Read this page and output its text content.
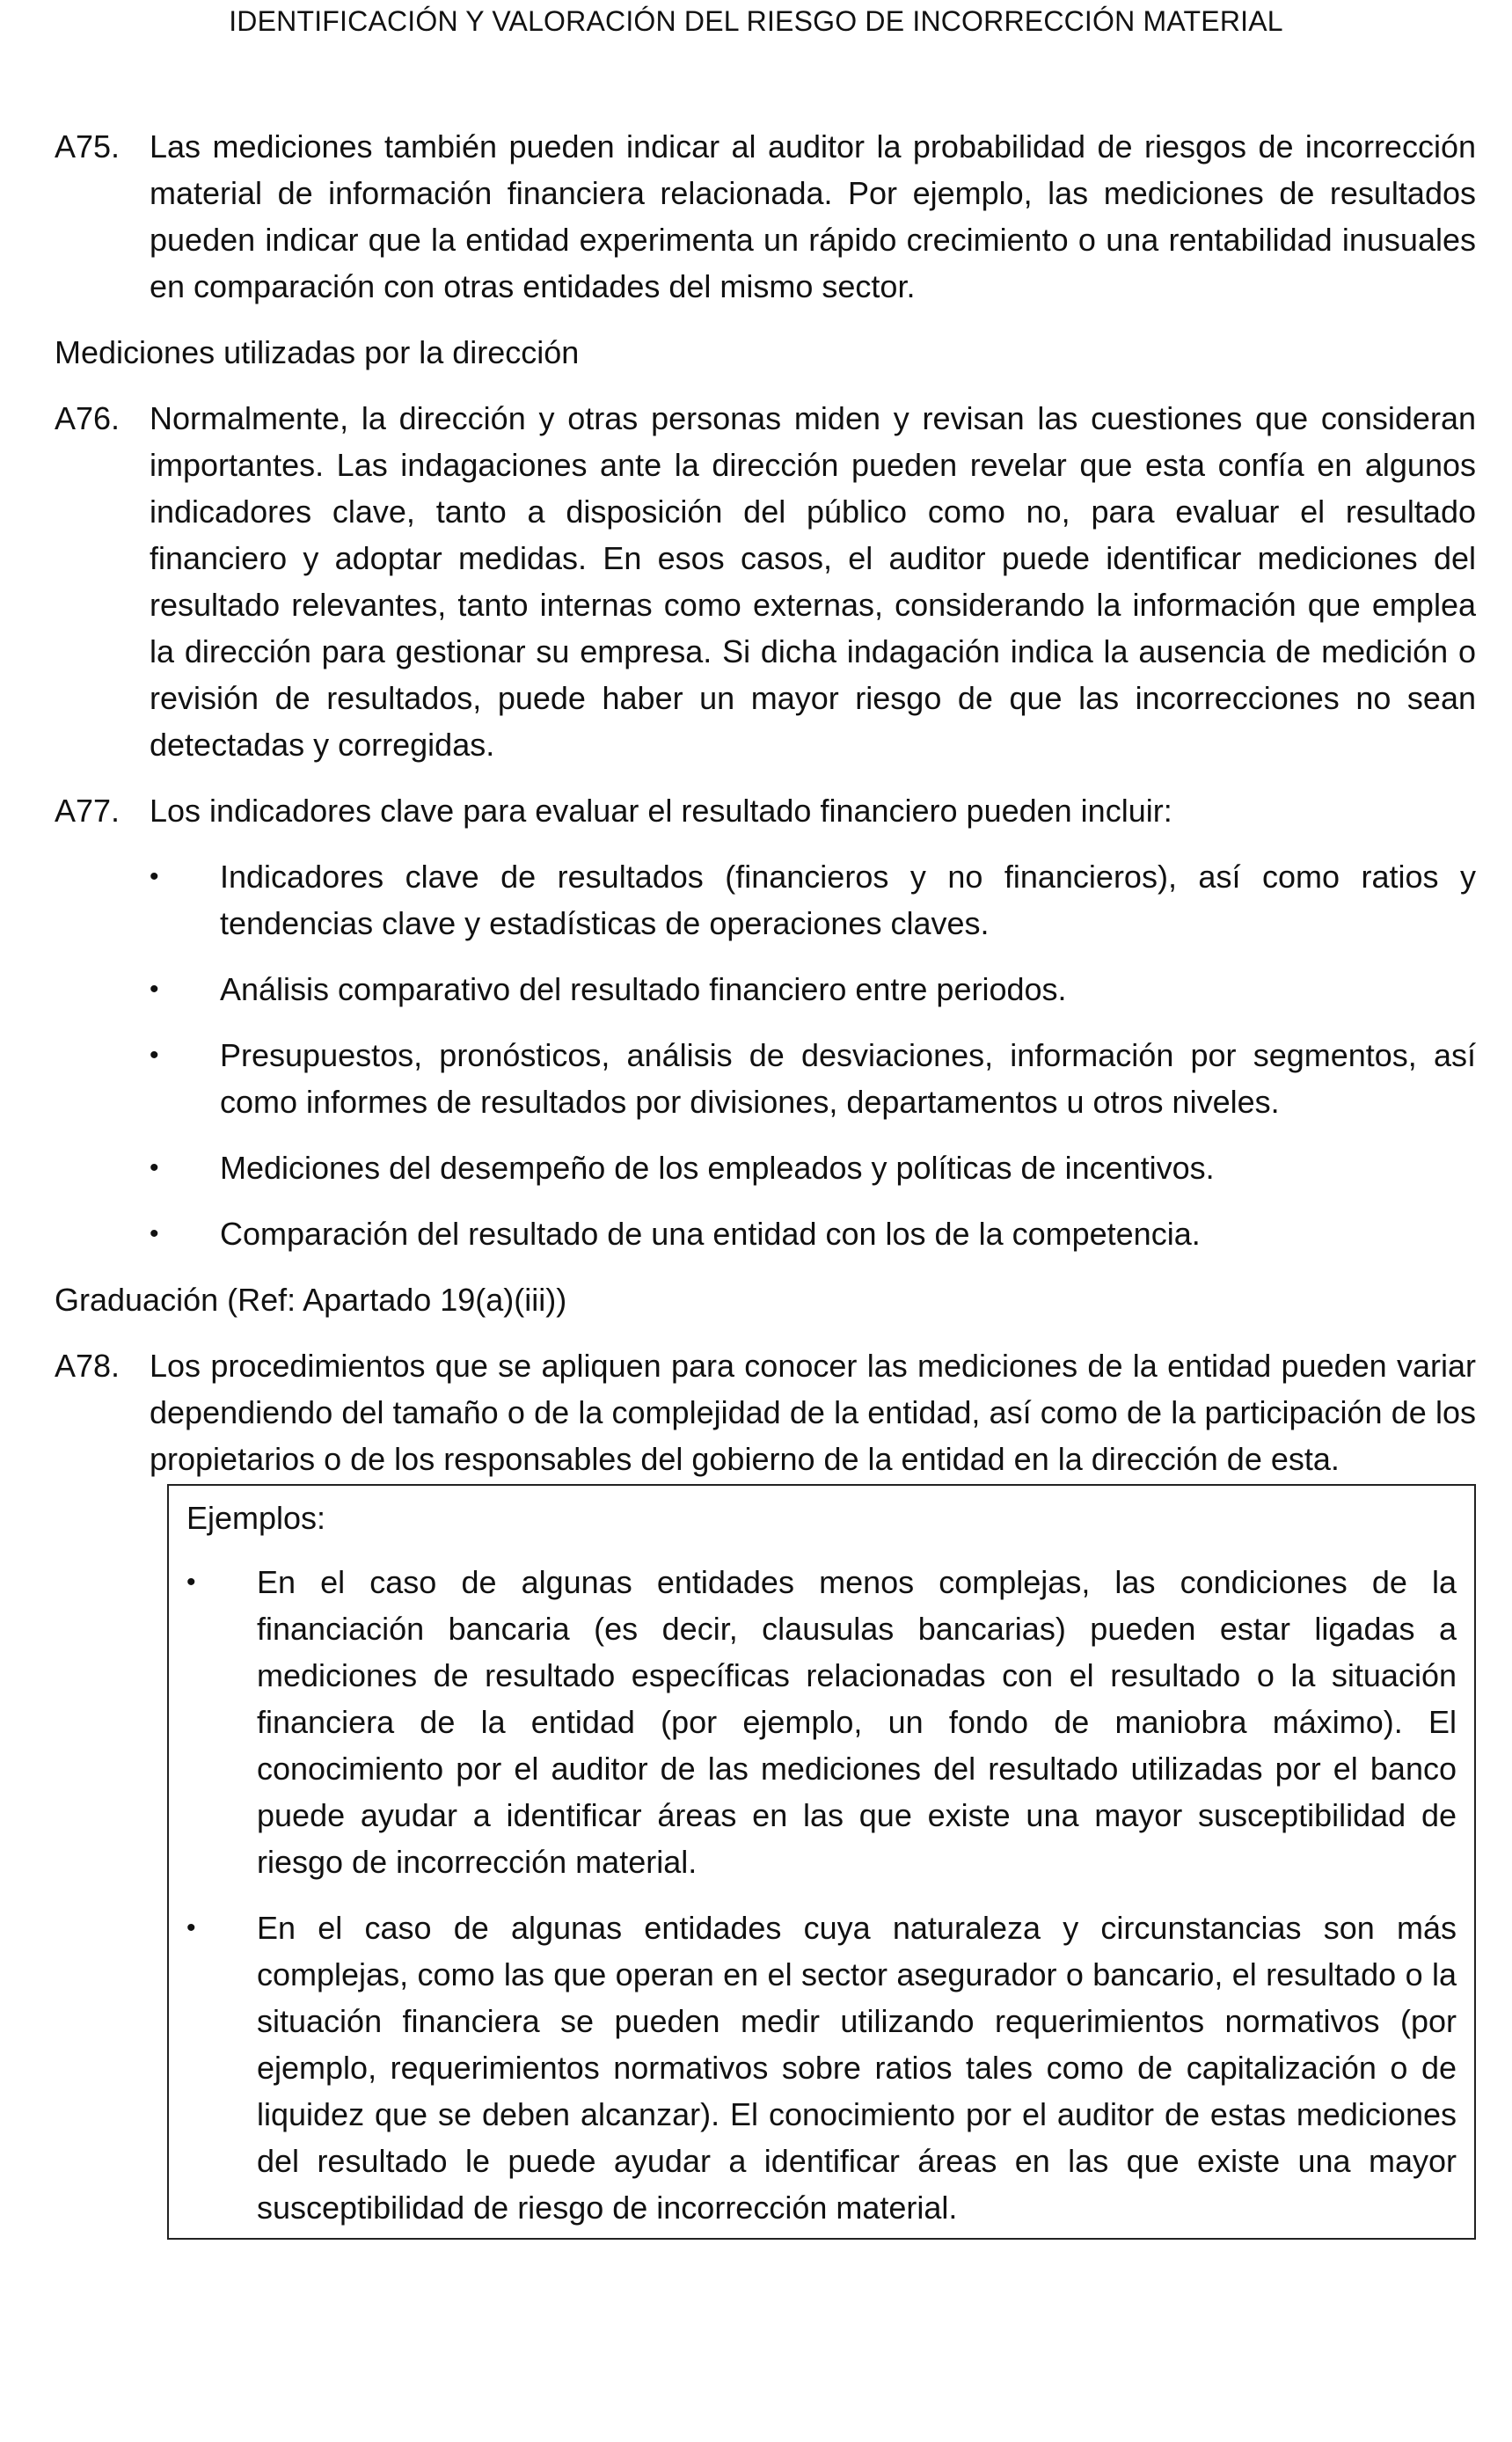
IDENTIFICACIÓN Y VALORACIÓN DEL RIESGO DE INCORRECCIÓN MATERIAL
A75. Las mediciones también pueden indicar al auditor la probabilidad de riesgos de incorrección material de información financiera relacionada. Por ejemplo, las mediciones de resultados pueden indicar que la entidad experimenta un rápido crecimiento o una rentabilidad inusuales en comparación con otras entidades del mismo sector.
Mediciones utilizadas por la dirección
A76. Normalmente, la dirección y otras personas miden y revisan las cuestiones que consideran importantes. Las indagaciones ante la dirección pueden revelar que esta confía en algunos indicadores clave, tanto a disposición del público como no, para evaluar el resultado financiero y adoptar medidas. En esos casos, el auditor puede identificar mediciones del resultado relevantes, tanto internas como externas, considerando la información que emplea la dirección para gestionar su empresa. Si dicha indagación indica la ausencia de medición o revisión de resultados, puede haber un mayor riesgo de que las incorrecciones no sean detectadas y corregidas.
A77. Los indicadores clave para evaluar el resultado financiero pueden incluir:
•	Indicadores clave de resultados (financieros y no financieros), así como ratios y tendencias clave y estadísticas de operaciones claves.
•	Análisis comparativo del resultado financiero entre periodos.
•	Presupuestos, pronósticos, análisis de desviaciones, información por segmentos, así como informes de resultados por divisiones, departamentos u otros niveles.
•	Mediciones del desempeño de los empleados y políticas de incentivos.
•	Comparación del resultado de una entidad con los de la competencia.
Graduación (Ref: Apartado 19(a)(iii))
A78. Los procedimientos que se apliquen para conocer las mediciones de la entidad pueden variar dependiendo del tamaño o de la complejidad de la entidad, así como de la participación de los propietarios o de los responsables del gobierno de la entidad en la dirección de esta.
Ejemplos:
•	En el caso de algunas entidades menos complejas, las condiciones de la financiación bancaria (es decir, clausulas bancarias) pueden estar ligadas a mediciones de resultado específicas relacionadas con el resultado o la situación financiera de la entidad (por ejemplo, un fondo de maniobra máximo). El conocimiento por el auditor de las mediciones del resultado utilizadas por el banco puede ayudar a identificar áreas en las que existe una mayor susceptibilidad de riesgo de incorrección material.
•	En el caso de algunas entidades cuya naturaleza y circunstancias son más complejas, como las que operan en el sector asegurador o bancario, el resultado o la situación financiera se pueden medir utilizando requerimientos normativos (por ejemplo, requerimientos normativos sobre ratios tales como de capitalización o de liquidez que se deben alcanzar). El conocimiento por el auditor de estas mediciones del resultado le puede ayudar a identificar áreas en las que existe una mayor susceptibilidad de riesgo de incorrección material.
